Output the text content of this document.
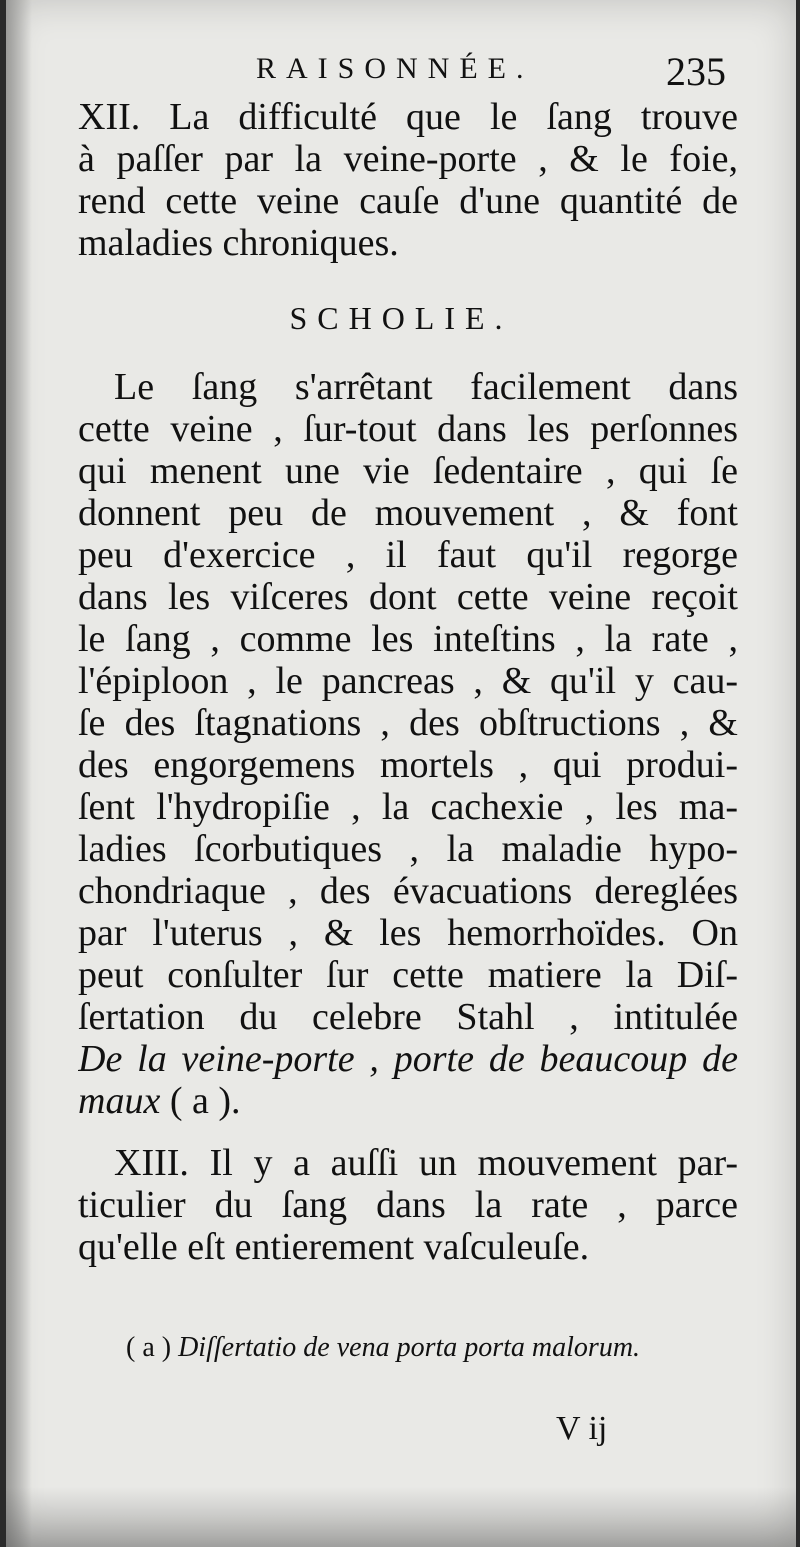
RAISONNÉE.	235
XII. La difficulté que le ſang trouve
à paſſer par la veine-porte , & le foie,
rend cette veine cauſe d'une quantité de
maladies chroniques.
SCHOLIE.
Le ſang s'arrêtant facilement dans
cette veine , ſur-tout dans les perſonnes
qui menent une vie ſedentaire , qui ſe
donnent peu de mouvement , & font
peu d'exercice , il faut qu'il regorge
dans les viſceres dont cette veine reçoit
le ſang , comme les inteſtins , la rate ,
l'épiploon , le pancreas , & qu'il y cau-
ſe des ſtagnations , des obſtructions , &
des engorgemens mortels , qui produi-
ſent l'hydropiſie , la cachexie , les ma-
ladies ſcorbutiques , la maladie hypo-
chondriaque , des évacuations dereglées
par l'uterus , & les hemorrhoïdes. On
peut conſulter ſur cette matiere la Diſ-
ſertation du celebre Stahl , intitulée
De la veine-porte , porte de beaucoup de
maux ( a ).
XIII. Il y a auſſi un mouvement par-
ticulier du ſang dans la rate , parce
qu'elle eſt entierement vaſculeuſe.
( a ) Diſſertatio de vena porta porta malorum.
V ij
